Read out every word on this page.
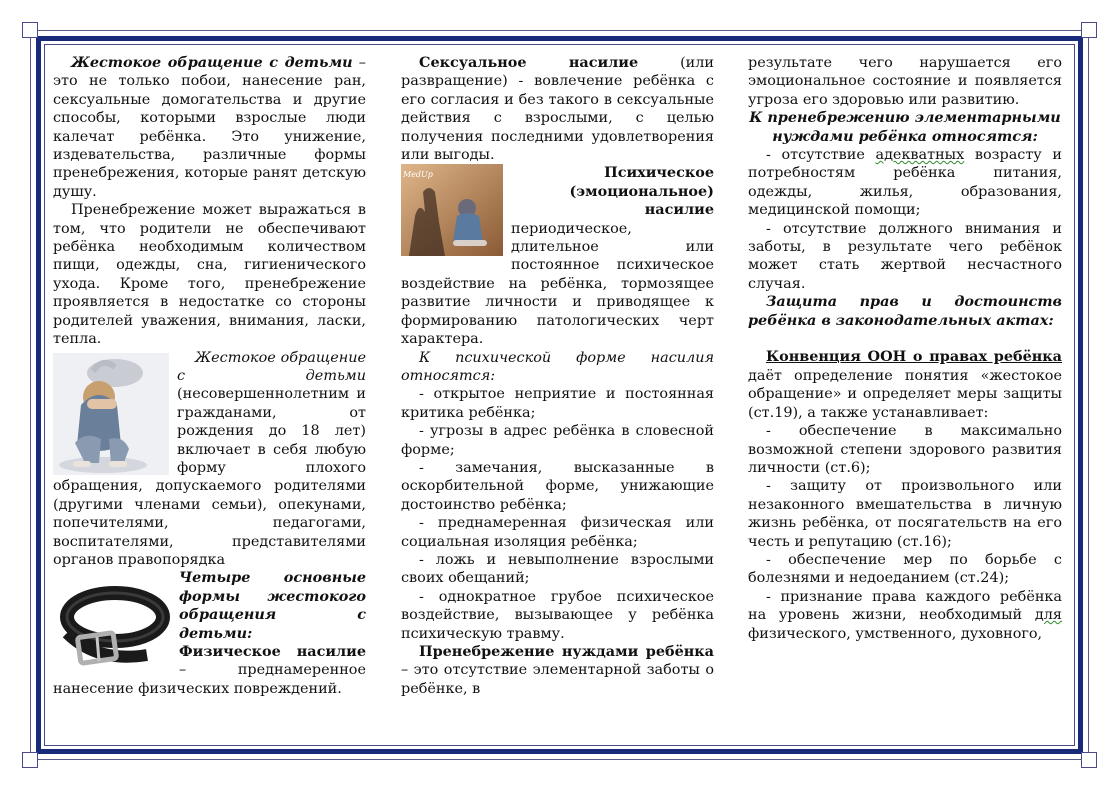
Жестокое обращение с детьми – это не только побои, нанесение ран, сексуальные домогательства и другие способы, которыми взрослые люди калечат ребёнка. Это унижение, издевательства, различные формы пренебрежения, которые ранят детскую душу.

Пренебрежение может выражаться в том, что родители не обеспечивают ребёнка необходимым количеством пищи, одежды, сна, гигиенического ухода. Кроме того, пренебрежение проявляется в недостатке со стороны родителей уважения, внимания, ласки, тепла.

Жестокое обращение с детьми (несовершеннолетним и гражданами, от рождения до 18 лет) включает в себя любую форму плохого обращения, допускаемого родителями (другими членами семьи), опекунами, попечителями, педагогами, воспитателями, представителями органов правопорядка

Четыре основные формы жестокого обращения с детьми:

Физическое насилие – преднамеренное нанесение физических повреждений.

Сексуальное насилие (или развращение) - вовлечение ребёнка с его согласия и без такого в сексуальные действия с взрослыми, с целью получения последними удовлетворения или выгоды.

MedUp	Психическое (эмоциональное) насилие

периодическое, длительное или постоянное психическое воздействие на ребёнка, тормозящее развитие личности и приводящее к формированию патологических черт характера.

К психической форме насилия относятся:

- открытое неприятие и постоянная критика ребёнка;

- угрозы в адрес ребёнка в словесной форме;

- замечания, высказанные в оскорбительной форме, унижающие достоинство ребёнка;

- преднамеренная физическая или социальная изоляция ребёнка;

- ложь и невыполнение взрослыми своих обещаний;

- однократное грубое психическое воздействие, вызывающее у ребёнка психическую травму.

Пренебрежение нуждами ребёнка – это отсутствие элементарной заботы о ребёнке, в

результате чего нарушается его эмоциональное состояние и появляется угроза его здоровью или развитию.

К пренебрежению элементарными нуждами ребёнка относятся:

- отсутствие адекватных возрасту и потребностям ребёнка питания, одежды, жилья, образования, медицинской помощи;

- отсутствие должного внимания и заботы, в результате чего ребёнок может стать жертвой несчастного случая.

Защита прав и достоинств ребёнка в законодательных актах:

Конвенция ООН о правах ребёнка даёт определение понятия «жестокое обращение» и определяет меры защиты (ст.19), а также устанавливает:

- обеспечение в максимально возможной степени здорового развития личности (ст.6);

- защиту от произвольного или незаконного вмешательства в личную жизнь ребёнка, от посягательств на его честь и репутацию (ст.16);

- обеспечение мер по борьбе с болезнями и недоеданием (ст.24);

- признание права каждого ребёнка на уровень жизни, необходимый для физического, умственного, духовного,
